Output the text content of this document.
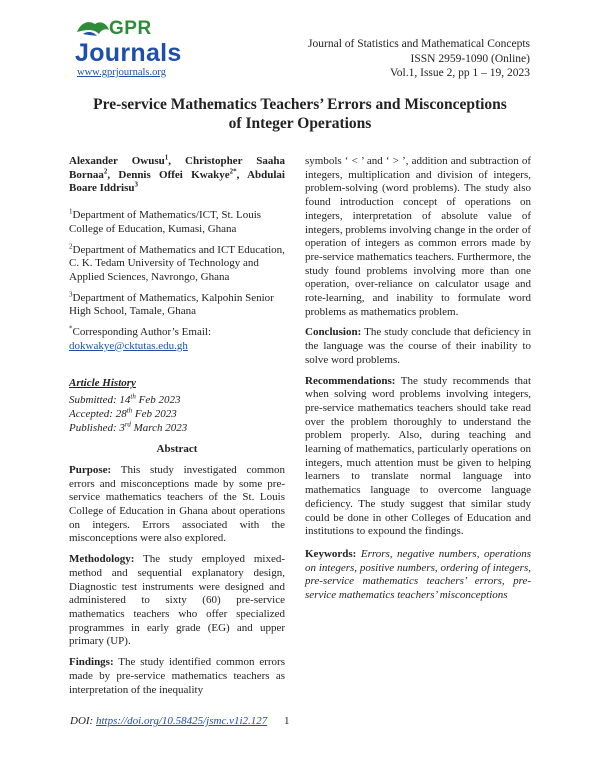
GPR
Journals
www.gprjournals.org
Journal of Statistics and Mathematical Concepts
ISSN 2959-1090 (Online)
Vol.1, Issue 2, pp 1 – 19, 2023
Pre-service Mathematics Teachers’ Errors and Misconceptions
of Integer Operations

Alexander Owusu$^1$, Christopher Saaha Bornaa$^2$, Dennis Offei Kwakye$^{2*}$, Abdulai Boare Iddrisu$^3$

$^1$Department of Mathematics/ICT, St. Louis College of Education, Kumasi, Ghana

$^2$Department of Mathematics and ICT Education, C. K. Tedam University of Technology and Applied Sciences, Navrongo, Ghana

$^3$Department of Mathematics, Kalpohin Senior High School, Tamale, Ghana

*Corresponding Author’s Email:

dokwakye@cktutas.edu.gh

Article History

Submitted: 14th Feb 2023

Accepted: 28th Feb 2023

Published: 3rd March 2023

Abstract

Purpose: This study investigated common errors and misconceptions made by some pre-service mathematics teachers of the St. Louis College of Education in Ghana about operations on integers. Errors associated with the misconceptions were also explored.

Methodology: The study employed mixed-method and sequential explanatory design, Diagnostic test instruments were designed and administered to sixty (60) pre-service mathematics teachers who offer specialized programmes in early grade (EG) and upper primary (UP).

Findings: The study identified common errors made by pre-service mathematics teachers as interpretation of the inequality

symbols ‘ < ’ and ‘ > ’, addition and subtraction of integers, multiplication and division of integers, problem-solving (word problems). The study also found introduction concept of operations on integers, interpretation of absolute value of integers, problems involving change in the order of operation of integers as common errors made by pre-service mathematics teachers. Furthermore, the study found problems involving more than one operation, over-reliance on calculator usage and rote-learning, and inability to formulate word problems as mathematics problem.

Conclusion: The study conclude that deficiency in the language was the course of their inability to solve word problems.

Recommendations: The study recommends that when solving word problems involving integers, pre-service mathematics teachers should take read over the problem thoroughly to understand the problem properly. Also, during teaching and learning of mathematics, particularly operations on integers, much attention must be given to helping learners to translate normal language into mathematics language to overcome language deficiency. The study suggest that similar study could be done in other Colleges of Education and institutions to expound the findings.

Keywords: Errors, negative numbers, operations on integers, positive numbers, ordering of integers, pre-service mathematics teachers’ errors, pre-service mathematics teachers’ misconceptions

DOI: https://doi.org/10.58425/jsmc.v1i2.127 1
